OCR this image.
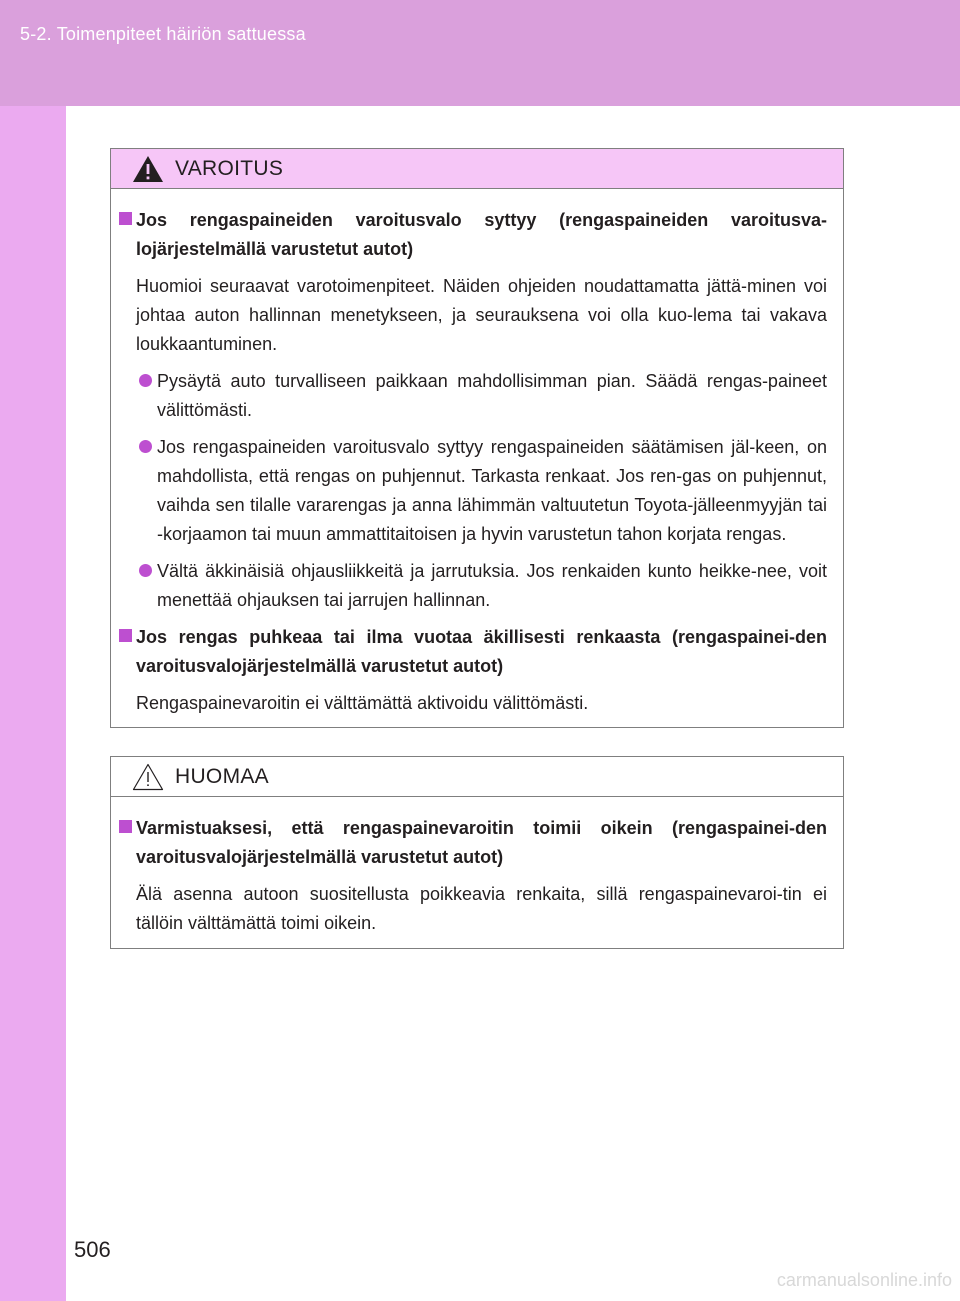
5-2. Toimenpiteet häiriön sattuessa
VAROITUS
Jos rengaspaineiden varoitusvalo syttyy (rengaspaineiden varoitusva-lojärjestelmällä varustetut autot)
Huomioi seuraavat varotoimenpiteet. Näiden ohjeiden noudattamatta jättä-minen voi johtaa auton hallinnan menetykseen, ja seurauksena voi olla kuo-lema tai vakava loukkaantuminen.
Pysäytä auto turvalliseen paikkaan mahdollisimman pian. Säädä rengas-paineet välittömästi.
Jos rengaspaineiden varoitusvalo syttyy rengaspaineiden säätämisen jäl-keen, on mahdollista, että rengas on puhjennut. Tarkasta renkaat. Jos ren-gas on puhjennut, vaihda sen tilalle vararengas ja anna lähimmän valtuutetun Toyota-jälleenmyyjän tai -korjaamon tai muun ammattitaitoisen ja hyvin varustetun tahon korjata rengas.
Vältä äkkinäisiä ohjausliikkeitä ja jarrutuksia. Jos renkaiden kunto heikke-nee, voit menettää ohjauksen tai jarrujen hallinnan.
Jos rengas puhkeaa tai ilma vuotaa äkillisesti renkaasta (rengaspainei-den varoitusvalojärjestelmällä varustetut autot)
Rengaspainevaroitin ei välttämättä aktivoidu välittömästi.
HUOMAA
Varmistuaksesi, että rengaspainevaroitin toimii oikein (rengaspainei-den varoitusvalojärjestelmällä varustetut autot)
Älä asenna autoon suositellusta poikkeavia renkaita, sillä rengaspainevaroi-tin ei tällöin välttämättä toimi oikein.
506
carmanualsonline.info
